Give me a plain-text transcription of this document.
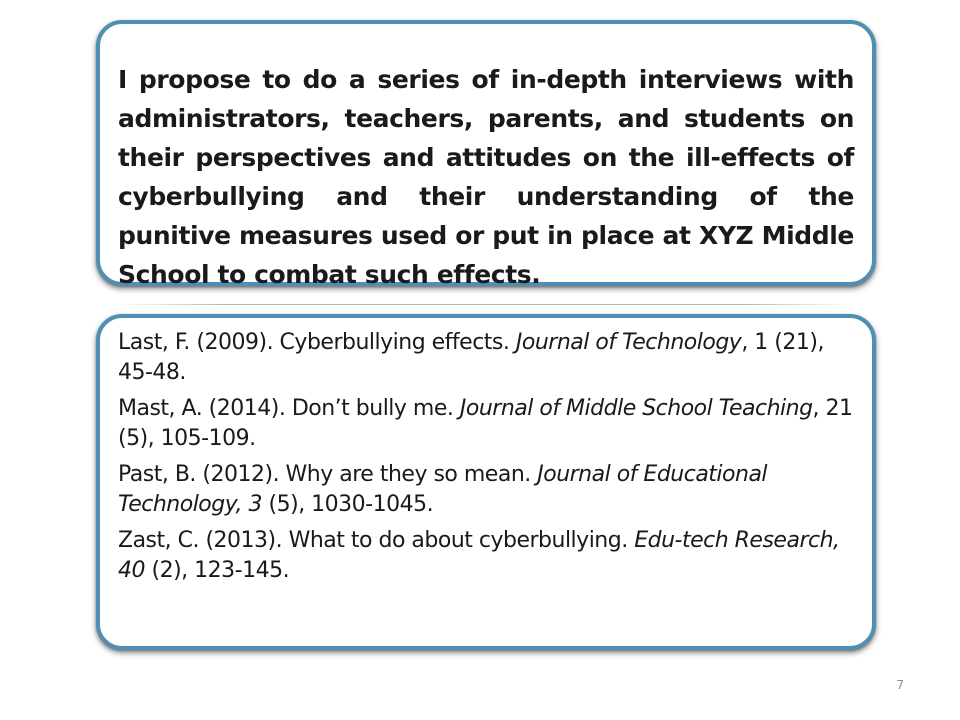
I propose to do a series of in-depth interviews with administrators, teachers, parents, and students on their perspectives and attitudes on the ill-effects of cyberbullying and their understanding of the punitive measures used or put in place at XYZ Middle School to combat such effects.

Last, F. (2009). Cyberbullying effects. Journal of Technology, 1 (21), 45-48.

Mast, A. (2014). Don’t bully me. Journal of Middle School Teaching, 21 (5), 105-109.

Past, B. (2012). Why are they so mean. Journal of Educational Technology, 3 (5), 1030-1045.

Zast, C. (2013). What to do about cyberbullying. Edu-tech Research, 40 (2), 123-145.

7
